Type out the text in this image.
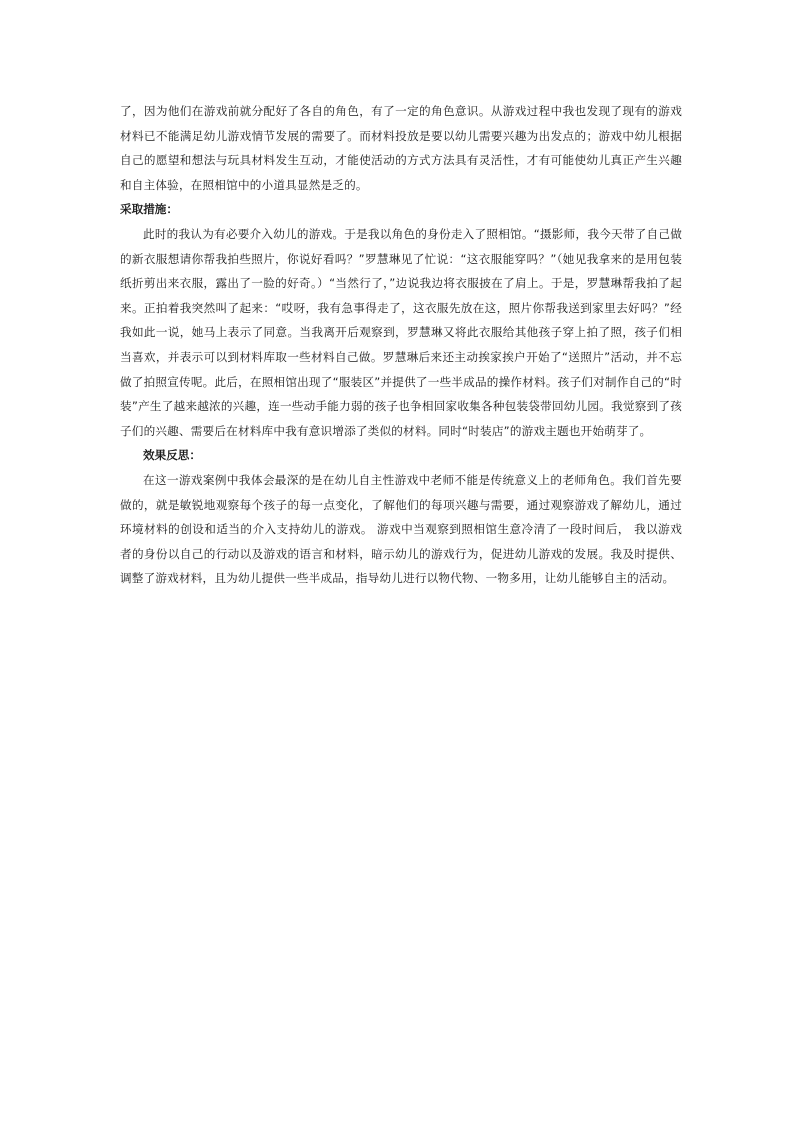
了，因为他们在游戏前就分配好了各自的角色，有了一定的角色意识。从游戏过程中我也发现了现有的游戏材料已不能满足幼儿游戏情节发展的需要了。而材料投放是要以幼儿需要兴趣为出发点的；游戏中幼儿根据自己的愿望和想法与玩具材料发生互动，才能使活动的方式方法具有灵活性，才有可能使幼儿真正产生兴趣和自主体验，在照相馆中的小道具显然是乏的。

采取措施：

此时的我认为有必要介入幼儿的游戏。于是我以角色的身份走入了照相馆。“摄影师，我今天带了自己做的新衣服想请你帮我拍些照片，你说好看吗？”罗慧琳见了忙说：“这衣服能穿吗？”（她见我拿来的是用包装纸折剪出来衣服，露出了一脸的好奇。）“当然行了，”边说我边将衣服披在了肩上。于是，罗慧琳帮我拍了起来。正拍着我突然叫了起来：“哎呀，我有急事得走了，这衣服先放在这，照片你帮我送到家里去好吗？”经我如此一说，她马上表示了同意。当我离开后观察到，罗慧琳又将此衣服给其他孩子穿上拍了照，孩子们相当喜欢，并表示可以到材料库取一些材料自己做。罗慧琳后来还主动挨家挨户开始了“送照片”活动，并不忘做了拍照宣传呢。此后，在照相馆出现了“服装区”并提供了一些半成品的操作材料。孩子们对制作自己的“时装”产生了越来越浓的兴趣，连一些动手能力弱的孩子也争相回家收集各种包装袋带回幼儿园。我觉察到了孩子们的兴趣、需要后在材料库中我有意识增添了类似的材料。同时“时装店”的游戏主题也开始萌芽了。

效果反思：

在这一游戏案例中我体会最深的是在幼儿自主性游戏中老师不能是传统意义上的老师角色。我们首先要做的，就是敏锐地观察每个孩子的每一点变化，了解他们的每项兴趣与需要，通过观察游戏了解幼儿，通过环境材料的创设和适当的介入支持幼儿的游戏。 游戏中当观察到照相馆生意冷清了一段时间后， 我以游戏者的身份以自己的行动以及游戏的语言和材料，暗示幼儿的游戏行为，促进幼儿游戏的发展。我及时提供、调整了游戏材料，且为幼儿提供一些半成品，指导幼儿进行以物代物、一物多用，让幼儿能够自主的活动。
